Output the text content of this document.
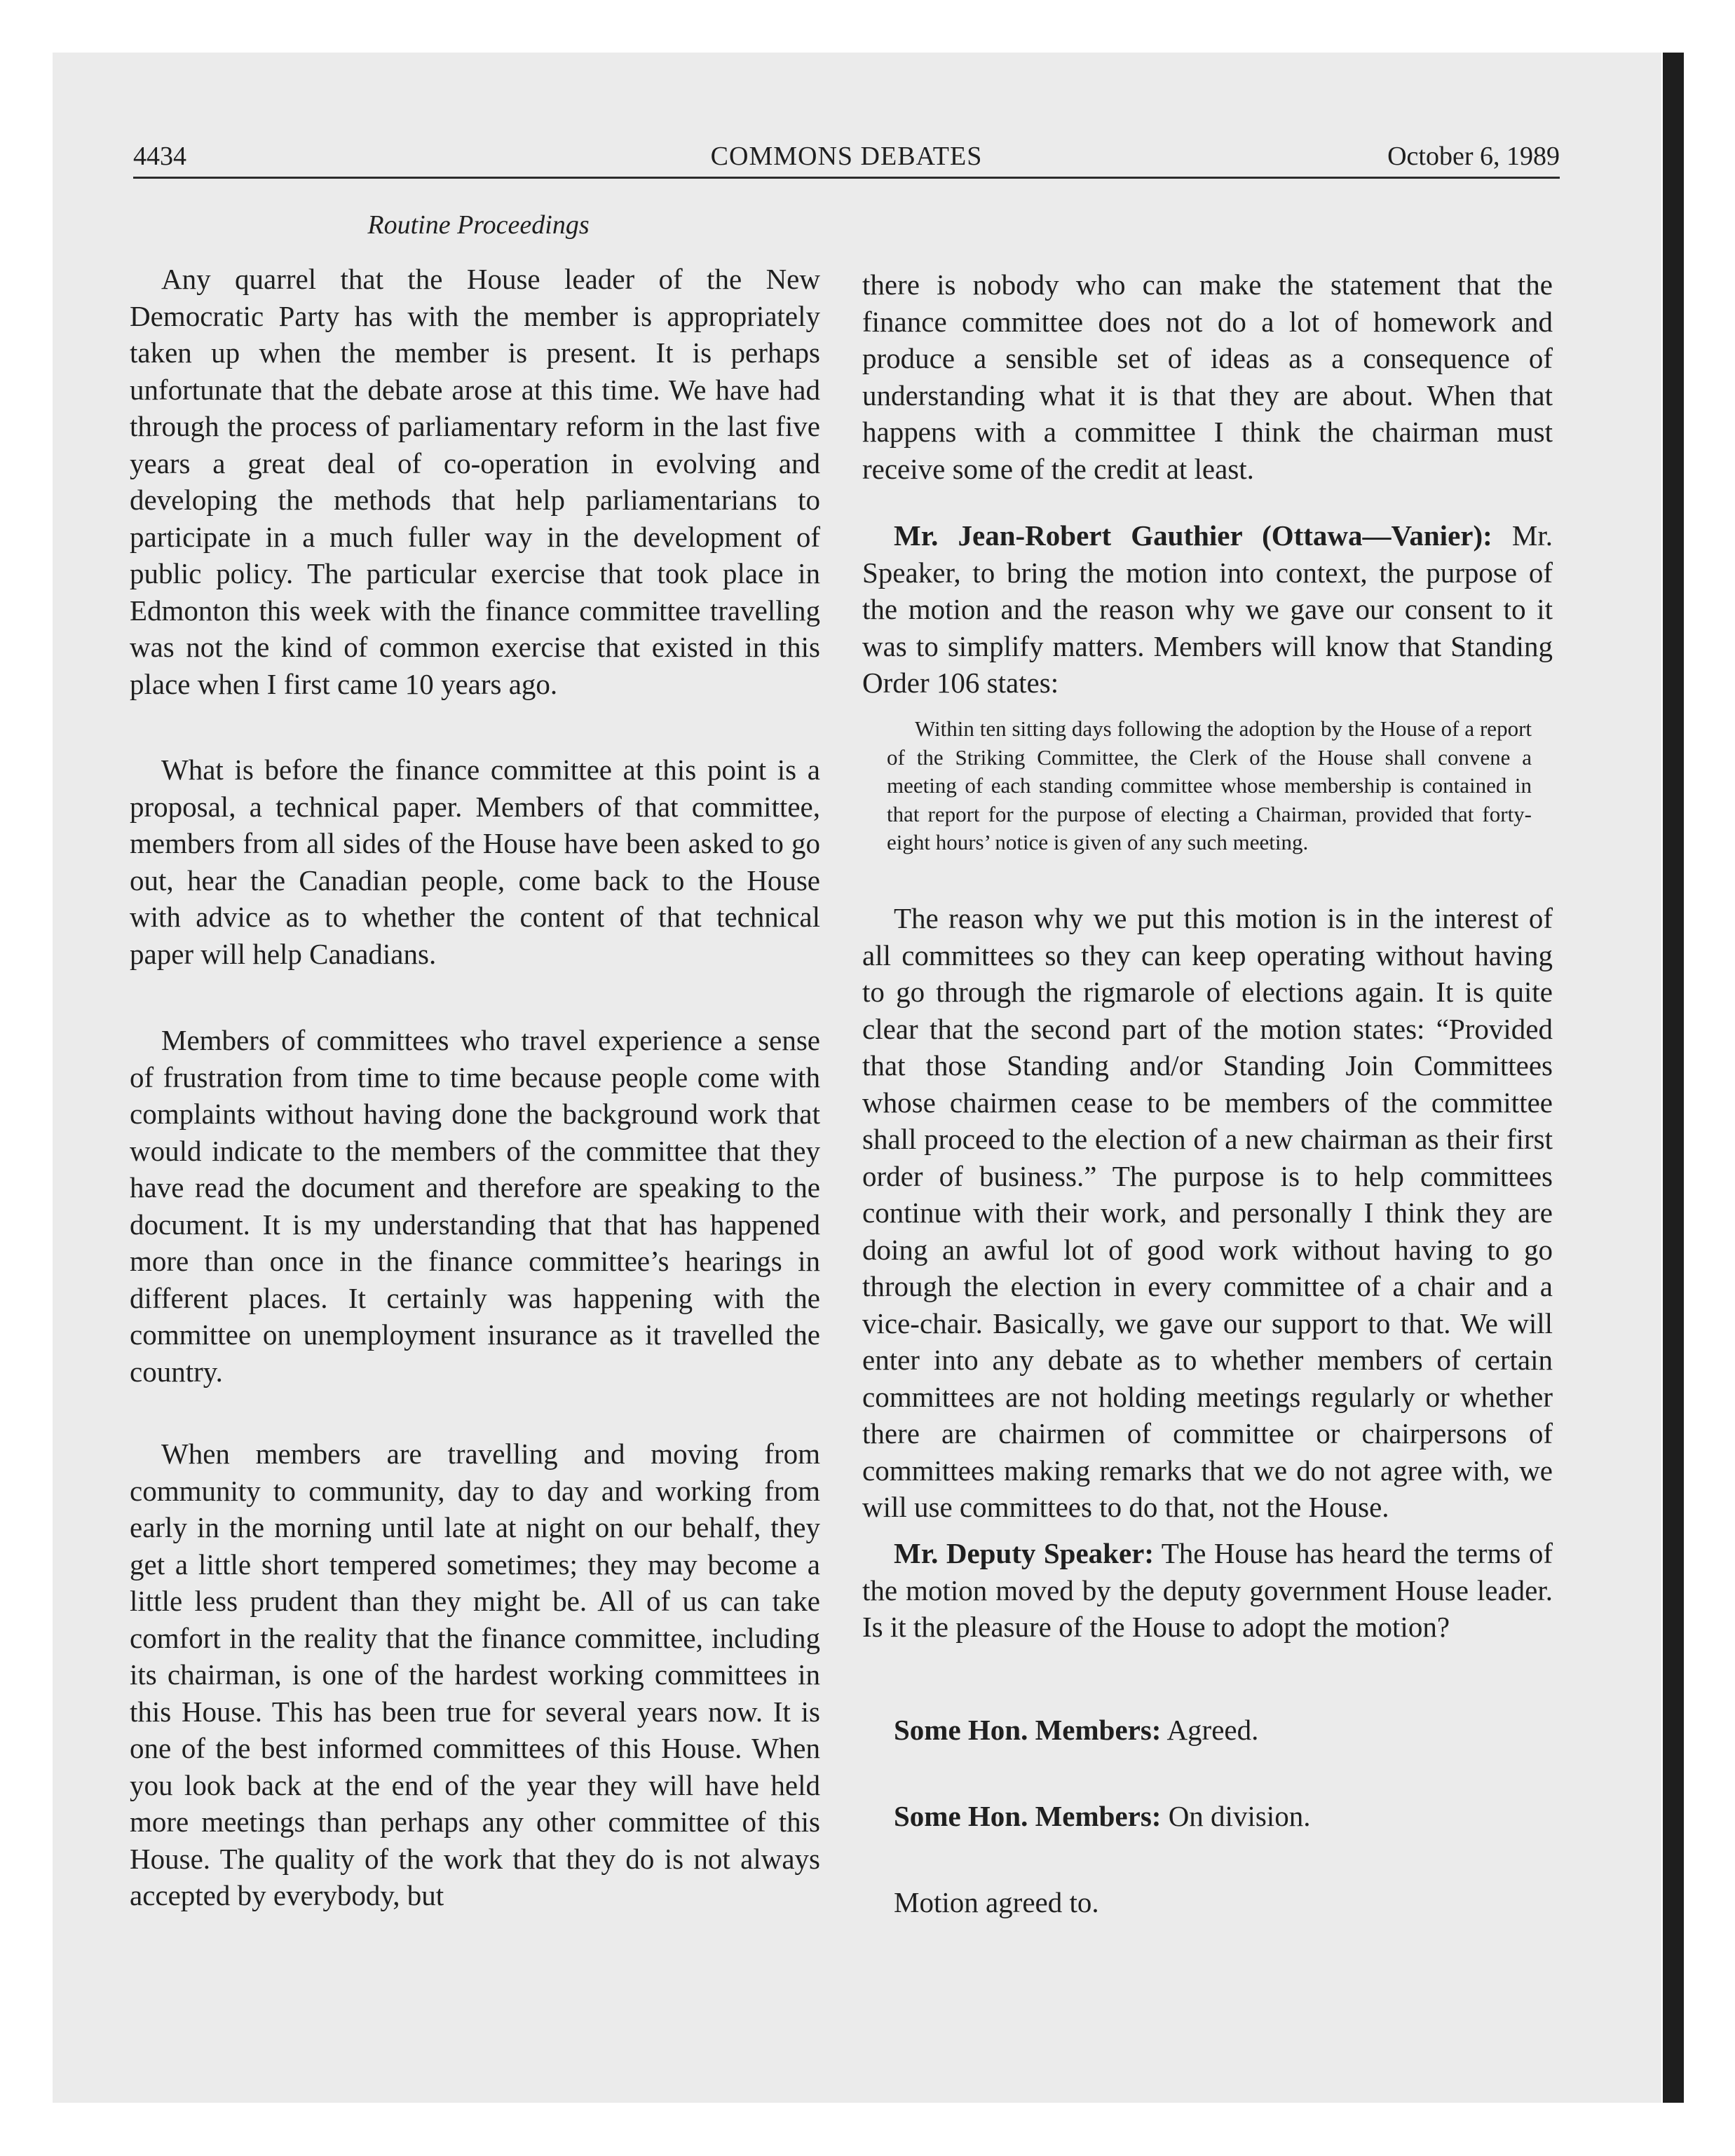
4434	COMMONS DEBATES	October 6, 1989
Routine Proceedings

Any quarrel that the House leader of the New Democratic Party has with the member is appropriately taken up when the member is present. It is perhaps unfortunate that the debate arose at this time. We have had through the process of parliamentary reform in the last five years a great deal of co-operation in evolving and developing the methods that help parliamentarians to participate in a much fuller way in the development of public policy. The particular exercise that took place in Edmonton this week with the finance committee travelling was not the kind of common exercise that existed in this place when I first came 10 years ago.

What is before the finance committee at this point is a proposal, a technical paper. Members of that committee, members from all sides of the House have been asked to go out, hear the Canadian people, come back to the House with advice as to whether the content of that technical paper will help Canadians.

Members of committees who travel experience a sense of frustration from time to time because people come with complaints without having done the background work that would indicate to the members of the committee that they have read the document and therefore are speaking to the document. It is my understanding that that has happened more than once in the finance committee’s hearings in different places. It certainly was happening with the committee on unemployment insurance as it travelled the country.

When members are travelling and moving from community to community, day to day and working from early in the morning until late at night on our behalf, they get a little short tempered sometimes; they may become a little less prudent than they might be. All of us can take comfort in the reality that the finance committee, including its chairman, is one of the hardest working committees in this House. This has been true for several years now. It is one of the best informed committees of this House. When you look back at the end of the year they will have held more meetings than perhaps any other committee of this House. The quality of the work that they do is not always accepted by everybody, but

there is nobody who can make the statement that the finance committee does not do a lot of homework and produce a sensible set of ideas as a consequence of understanding what it is that they are about. When that happens with a committee I think the chairman must receive some of the credit at least.

Mr. Jean-Robert Gauthier (Ottawa—Vanier): Mr. Speaker, to bring the motion into context, the purpose of the motion and the reason why we gave our consent to it was to simplify matters. Members will know that Standing Order 106 states:

Within ten sitting days following the adoption by the House of a report of the Striking Committee, the Clerk of the House shall convene a meeting of each standing committee whose membership is contained in that report for the purpose of electing a Chairman, provided that forty-eight hours’ notice is given of any such meeting.

The reason why we put this motion is in the interest of all committees so they can keep operating without having to go through the rigmarole of elections again. It is quite clear that the second part of the motion states: “Provided that those Standing and/or Standing Join Committees whose chairmen cease to be members of the committee shall proceed to the election of a new chairman as their first order of business.” The purpose is to help committees continue with their work, and personally I think they are doing an awful lot of good work without having to go through the election in every committee of a chair and a vice-chair. Basically, we gave our support to that. We will enter into any debate as to whether members of certain committees are not holding meetings regularly or whether there are chairmen of committee or chairpersons of committees making remarks that we do not agree with, we will use committees to do that, not the House.

Mr. Deputy Speaker: The House has heard the terms of the motion moved by the deputy government House leader. Is it the pleasure of the House to adopt the motion?

Some Hon. Members: Agreed.

Some Hon. Members: On division.

Motion agreed to.
